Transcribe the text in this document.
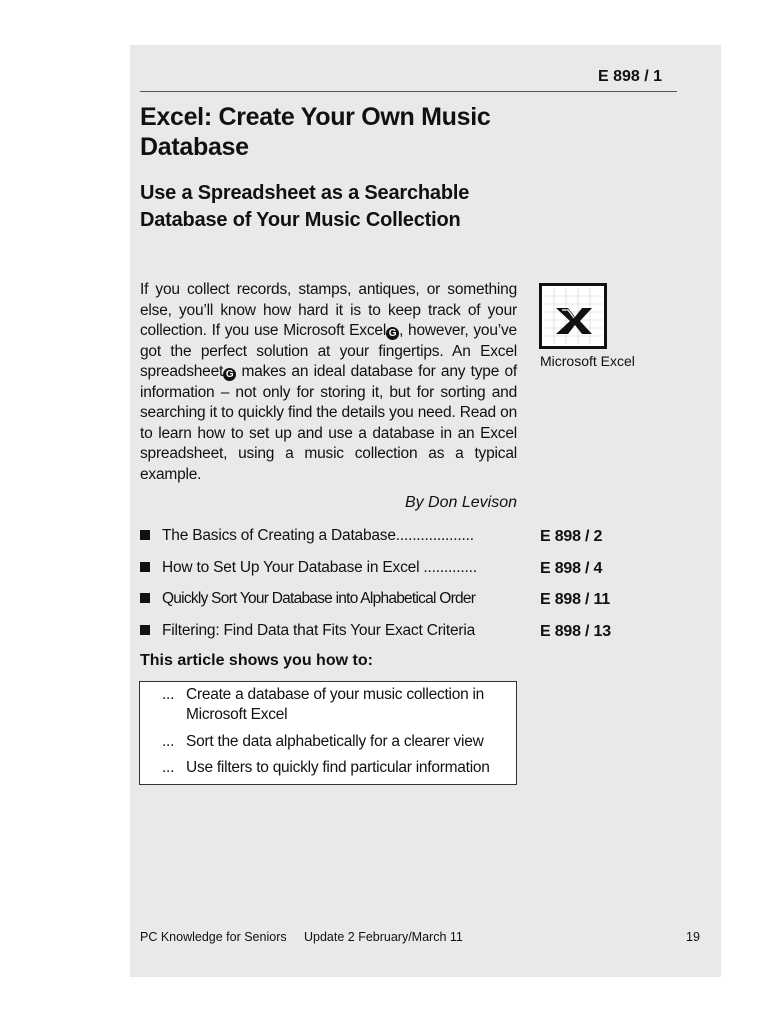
E 898 / 1
Excel: Create Your Own Music Database
Use a Spreadsheet as a Searchable Database of Your Music Collection
If you collect records, stamps, antiques, or something else, you’ll know how hard it is to keep track of your collection. If you use Microsoft Excel G , however, you’ve got the perfect solution at your fingertips. An Excel spreadsheet G makes an ideal database for any type of information – not only for storing it, but for sorting and searching it to quickly find the details you need. Read on to learn how to set up and use a database in an Excel spreadsheet, using a music collection as a typical example.
By Don Levison
Microsoft Excel
The Basics of Creating a Database...................	E 898 / 2
How to Set Up Your Database in Excel .............	E 898 / 4
Quickly Sort Your Database into Alphabetical Order	E 898 / 11
Filtering: Find Data that Fits Your Exact Criteria	E 898 / 13
This article shows you how to:
... Create a database of your music collection in Microsoft Excel
... Sort the data alphabetically for a clearer view
... Use filters to quickly find particular information
PC Knowledge for Seniors Update 2 February/March 11	19
